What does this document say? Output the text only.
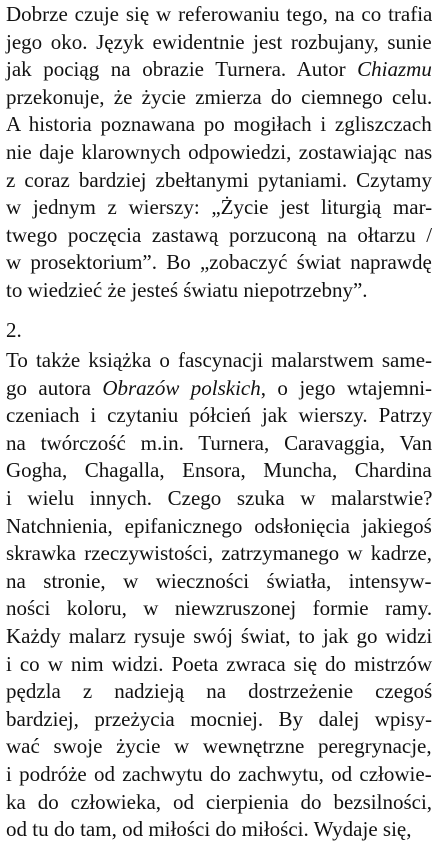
Dobrze czuje się w referowaniu tego, na co trafia
jego oko. Język ewidentnie jest rozbujany, sunie
jak pociąg na obrazie Turnera. Autor Chiazmu
przekonuje, że życie zmierza do ciemnego celu.
A historia poznawana po mogiłach i zgliszczach
nie daje klarownych odpowiedzi, zostawiając nas
z coraz bardziej zbełtanymi pytaniami. Czytamy
w jednym z wierszy: „Życie jest liturgią mar-
twego poczęcia zastawą porzuconą na ołtarzu /
w prosektorium”. Bo „zobaczyć świat naprawdę
to wiedzieć że jesteś światu niepotrzebny”.
2.
To także książka o fascynacji malarstwem same-
go autora Obrazów polskich, o jego wtajemni-
czeniach i czytaniu półcień jak wierszy. Patrzy
na twórczość m.in. Turnera, Caravaggia, Van
Gogha, Chagalla, Ensora, Muncha, Chardina
i wielu innych. Czego szuka w malarstwie?
Natchnienia, epifanicznego odsłonięcia jakiegoś
skrawka rzeczywistości, zatrzymanego w kadrze,
na stronie, w wieczności światła, intensyw-
ności koloru, w niewzruszonej formie ramy.
Każdy malarz rysuje swój świat, to jak go widzi
i co w nim widzi. Poeta zwraca się do mistrzów
pędzla z nadzieją na dostrzeżenie czegoś
bardziej, przeżycia mocniej. By dalej wpisy-
wać swoje życie w wewnętrzne peregrynacje,
i podróże od zachwytu do zachwytu, od człowie-
ka do człowieka, od cierpienia do bezsilności,
od tu do tam, od miłości do miłości. Wydaje się,
